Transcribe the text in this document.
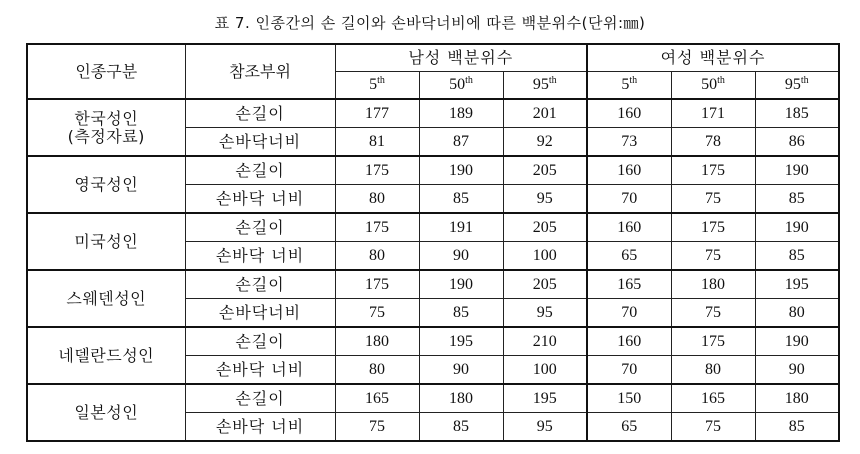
표 7. 인종간의 손 길이와 손바닥너비에 따른 백분위수(단위:㎜)
인종구분	참조부위	남성 백분위수			여성 백분위수		
		5th	50th	95th	5th	50th	95th

한국성인
(측정자료)	손길이	177	189	201	160	171	185
	손바닥너비	81	87	92	73	78	86

영국성인	손길이	175	190	205	160	175	190
	손바닥 너비	80	85	95	70	75	85

미국성인	손길이	175	191	205	160	175	190
	손바닥 너비	80	90	100	65	75	85

스웨덴성인	손길이	175	190	205	165	180	195
	손바닥너비	75	85	95	70	75	80

네델란드성인	손길이	180	195	210	160	175	190
	손바닥 너비	80	90	100	70	80	90

일본성인	손길이	165	180	195	150	165	180
	손바닥 너비	75	85	95	65	75	85
